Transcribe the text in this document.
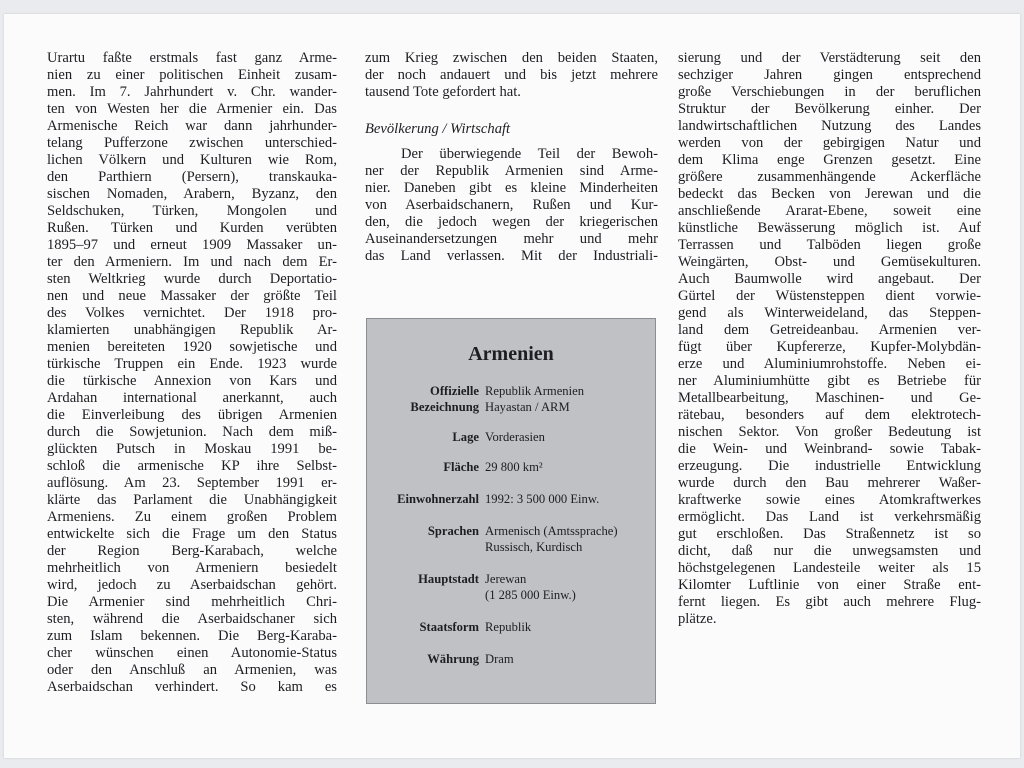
Urartu faßte erstmals fast ganz Arme-

nien zu einer politischen Einheit zusam-

men. Im 7. Jahrhundert v. Chr. wander-

ten von Westen her die Armenier ein. Das

Armenische Reich war dann jahrhunder-

telang Pufferzone zwischen unterschied-

lichen Völkern und Kulturen wie Rom,

den Parthiern (Persern), transkauka-

sischen Nomaden, Arabern, Byzanz, den

Seldschuken, Türken, Mongolen und

Rußen. Türken und Kurden verübten

1895–97 und erneut 1909 Massaker un-

ter den Armeniern. Im und nach dem Er-

sten Weltkrieg wurde durch Deportatio-

nen und neue Massaker der größte Teil

des Volkes vernichtet. Der 1918 pro-

klamierten unabhängigen Republik Ar-

menien bereiteten 1920 sowjetische und

türkische Truppen ein Ende. 1923 wurde

die türkische Annexion von Kars und

Ardahan international anerkannt, auch

die Einverleibung des übrigen Armenien

durch die Sowjetunion. Nach dem miß-

glückten Putsch in Moskau 1991 be-

schloß die armenische KP ihre Selbst-

auflösung. Am 23. September 1991 er-

klärte das Parlament die Unabhängigkeit

Armeniens. Zu einem großen Problem

entwickelte sich die Frage um den Status

der Region Berg-Karabach, welche

mehrheitlich von Armeniern besiedelt

wird, jedoch zu Aserbaidschan gehört.

Die Armenier sind mehrheitlich Chri-

sten, während die Aserbaidschaner sich

zum Islam bekennen. Die Berg-Karaba-

cher wünschen einen Autonomie-Status

oder den Anschluß an Armenien, was

Aserbaidschan verhindert. So kam es

zum Krieg zwischen den beiden Staaten,

der noch andauert und bis jetzt mehrere

tausend Tote gefordert hat.

Bevölkerung / Wirtschaft

Der überwiegende Teil der Bewoh-

ner der Republik Armenien sind Arme-

nier. Daneben gibt es kleine Minderheiten

von Aserbaidschanern, Rußen und Kur-

den, die jedoch wegen der kriegerischen

Auseinandersetzungen mehr und mehr

das Land verlassen. Mit der Industriali-

sierung und der Verstädterung seit den

sechziger Jahren gingen entsprechend

große Verschiebungen in der beruflichen

Struktur der Bevölkerung einher. Der

landwirtschaftlichen Nutzung des Landes

werden von der gebirgigen Natur und

dem Klima enge Grenzen gesetzt. Eine

größere zusammenhängende Ackerfläche

bedeckt das Becken von Jerewan und die

anschließende Ararat-Ebene, soweit eine

künstliche Bewässerung möglich ist. Auf

Terrassen und Talböden liegen große

Weingärten, Obst- und Gemüsekulturen.

Auch Baumwolle wird angebaut. Der

Gürtel der Wüstensteppen dient vorwie-

gend als Winterweideland, das Steppen-

land dem Getreideanbau. Armenien ver-

fügt über Kupfererze, Kupfer-Molybdän-

erze und Aluminiumrohstoffe. Neben ei-

ner Aluminiumhütte gibt es Betriebe für

Metallbearbeitung, Maschinen- und Ge-

rätebau, besonders auf dem elektrotech-

nischen Sektor. Von großer Bedeutung ist

die Wein- und Weinbrand- sowie Tabak-

erzeugung. Die industrielle Entwicklung

wurde durch den Bau mehrerer Waßer-

kraftwerke sowie eines Atomkraftwerkes

ermöglicht. Das Land ist verkehrsmäßig

gut erschloßen. Das Straßennetz ist so

dicht, daß nur die unwegsamsten und

höchstgelegenen Landesteile weiter als 15

Kilomter Luftlinie von einer Straße ent-

fernt liegen. Es gibt auch mehrere Flug-

plätze.

Armenien
Offizielle
Bezeichnung
Republik Armenien
Hayastan / ARM
Lage Vorderasien
Fläche 29 800 km²
Einwohnerzahl 1992: 3 500 000 Einw.
Sprachen Armenisch (Amtssprache)
Russisch, Kurdisch
Hauptstadt Jerewan
(1 285 000 Einw.)
Staatsform Republik
Währung Dram
